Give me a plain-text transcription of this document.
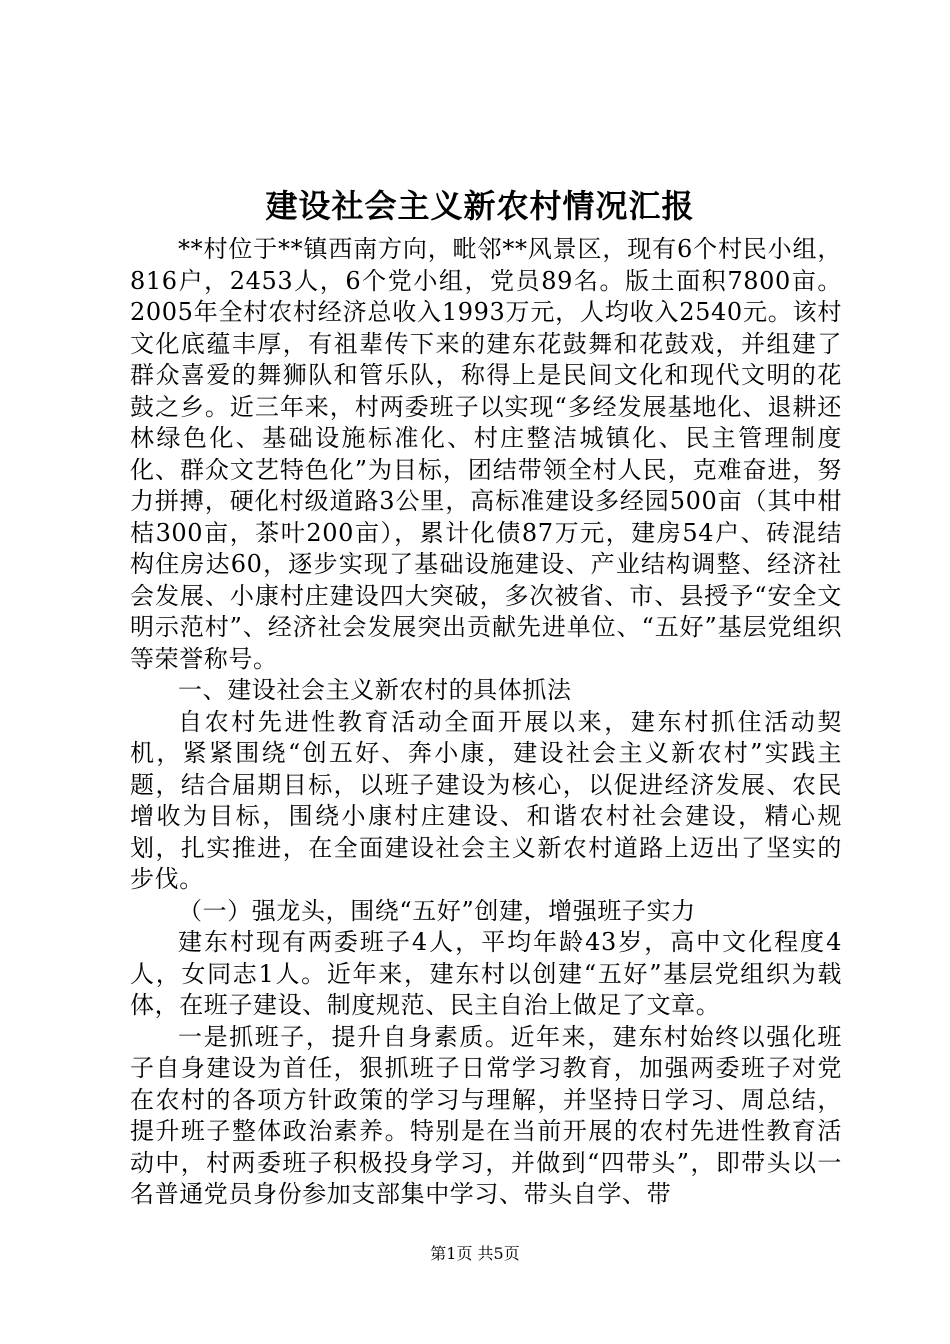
建设社会主义新农村情况汇报

**村位于**镇西南方向，毗邻**风景区，现有6个村民小组，816户，2453人，6个党小组，党员89名。版土面积7800亩。2005年全村农村经济总收入1993万元，人均收入2540元。该村文化底蕴丰厚，有祖辈传下来的建东花鼓舞和花鼓戏，并组建了群众喜爱的舞狮队和管乐队，称得上是民间文化和现代文明的花鼓之乡。近三年来，村两委班子以实现“多经发展基地化、退耕还林绿色化、基础设施标准化、村庄整洁城镇化、民主管理制度化、群众文艺特色化”为目标，团结带领全村人民，克难奋进，努力拼搏，硬化村级道路3公里，高标准建设多经园500亩（其中柑桔300亩，茶叶200亩），累计化债87万元，建房54户、砖混结构住房达60，逐步实现了基础设施建设、产业结构调整、经济社会发展、小康村庄建设四大突破，多次被省、市、县授予“安全文明示范村”、经济社会发展突出贡献先进单位、“五好”基层党组织等荣誉称号。

一、建设社会主义新农村的具体抓法

自农村先进性教育活动全面开展以来，建东村抓住活动契机，紧紧围绕“创五好、奔小康，建设社会主义新农村”实践主题，结合届期目标，以班子建设为核心，以促进经济发展、农民增收为目标，围绕小康村庄建设、和谐农村社会建设，精心规划，扎实推进，在全面建设社会主义新农村道路上迈出了坚实的步伐。

（一）强龙头，围绕“五好”创建，增强班子实力

建东村现有两委班子4人，平均年龄43岁，高中文化程度4人，女同志1人。近年来，建东村以创建“五好”基层党组织为载体，在班子建设、制度规范、民主自治上做足了文章。

一是抓班子，提升自身素质。近年来，建东村始终以强化班子自身建设为首任，狠抓班子日常学习教育，加强两委班子对党在农村的各项方针政策的学习与理解，并坚持日学习、周总结，提升班子整体政治素养。特别是在当前开展的农村先进性教育活动中，村两委班子积极投身学习，并做到“四带头”，即带头以一名普通党员身份参加支部集中学习、带头自学、带

第1页 共5页
